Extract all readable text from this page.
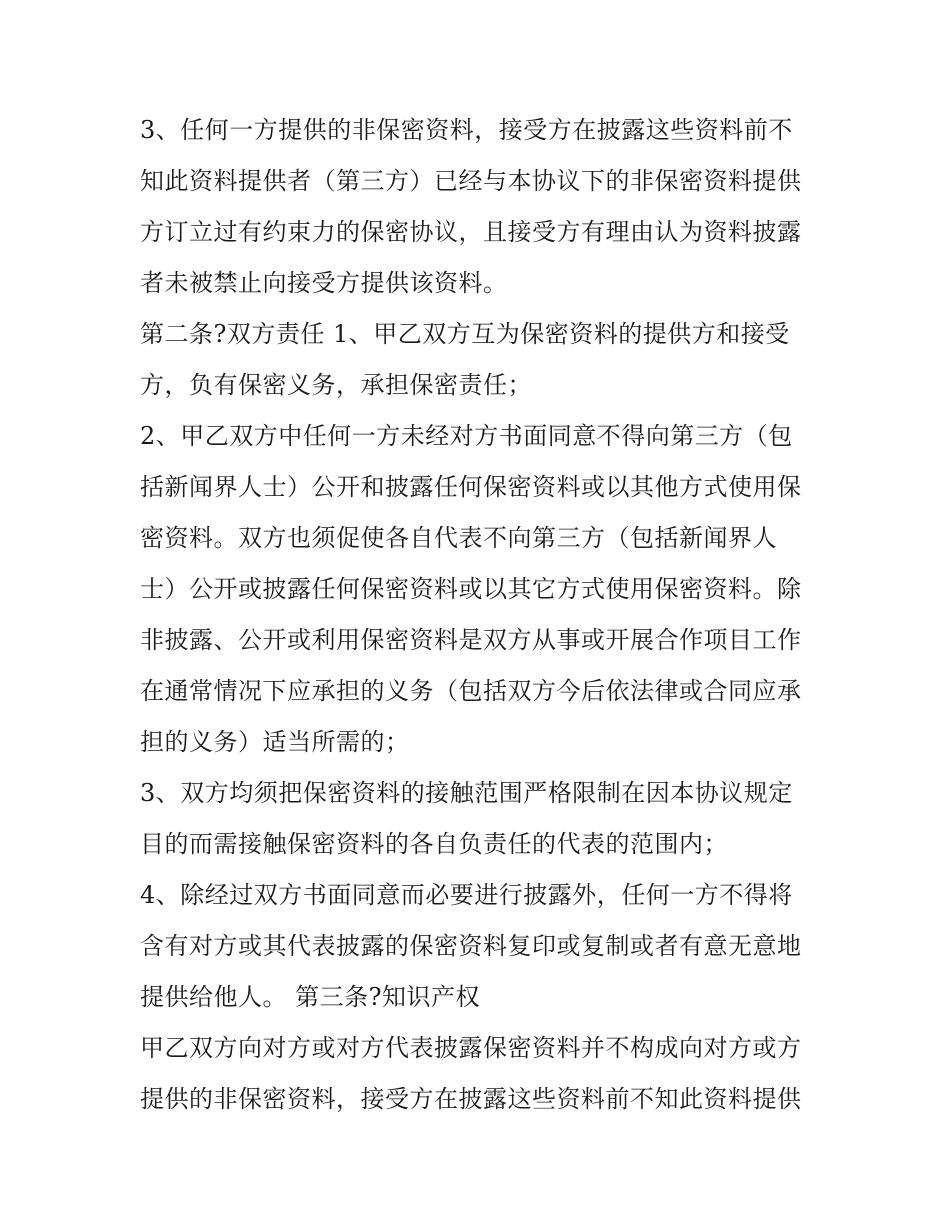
3、任何一方提供的非保密资料，接受方在披露这些资料前不

知此资料提供者（第三方）已经与本协议下的非保密资料提供

方订立过有约束力的保密协议，且接受方有理由认为资料披露

者未被禁止向接受方提供该资料。

第二条?双方责任 1、甲乙双方互为保密资料的提供方和接受

方，负有保密义务，承担保密责任；

2、甲乙双方中任何一方未经对方书面同意不得向第三方（包

括新闻界人士）公开和披露任何保密资料或以其他方式使用保

密资料。双方也须促使各自代表不向第三方（包括新闻界人

士）公开或披露任何保密资料或以其它方式使用保密资料。除

非披露、公开或利用保密资料是双方从事或开展合作项目工作

在通常情况下应承担的义务（包括双方今后依法律或合同应承

担的义务）适当所需的；

3、双方均须把保密资料的接触范围严格限制在因本协议规定

目的而需接触保密资料的各自负责任的代表的范围内；

4、除经过双方书面同意而必要进行披露外，任何一方不得将

含有对方或其代表披露的保密资料复印或复制或者有意无意地

提供给他人。 第三条?知识产权

甲乙双方向对方或对方代表披露保密资料并不构成向对方或方

提供的非保密资料，接受方在披露这些资料前不知此资料提供
